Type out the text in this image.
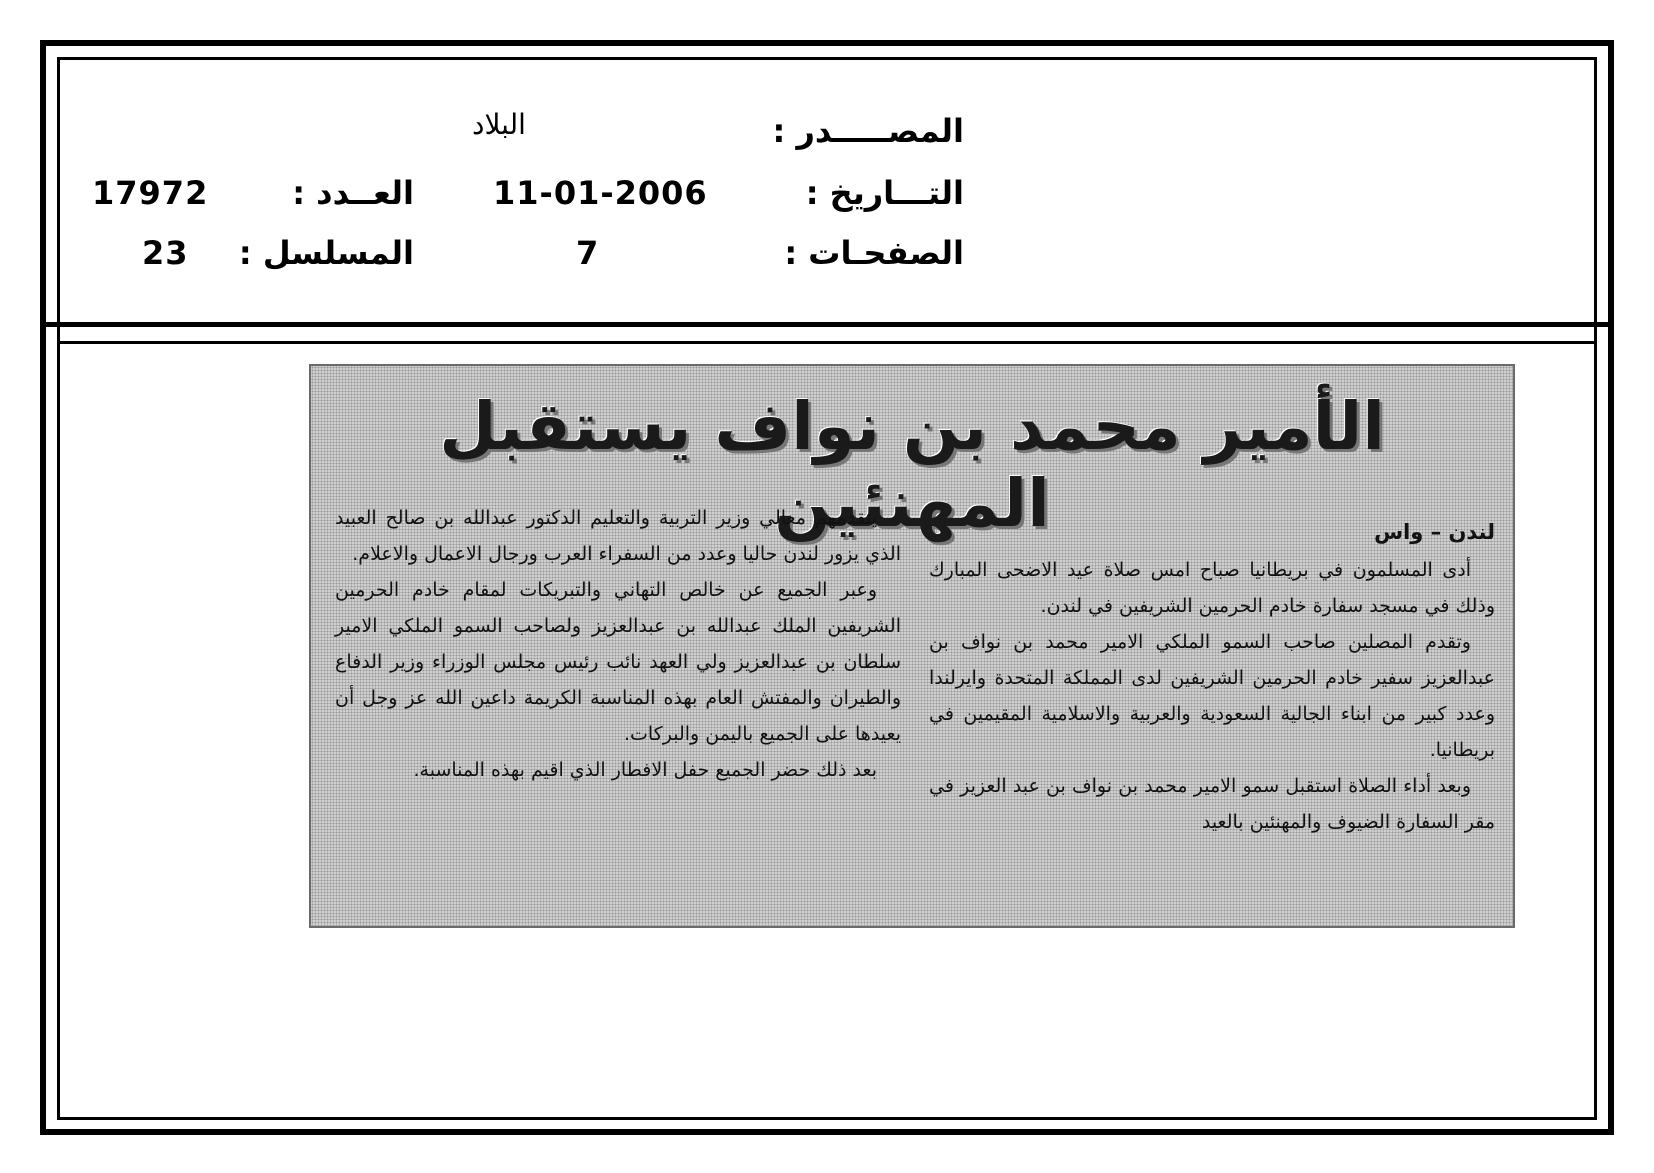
المصـــــدر :
البلاد
التـــاريخ :
11-01-2006
العــدد :
17972
الصفحـات :
7
المسلسل :
23
الأمير محمد بن نواف يستقبل المهنئين	لندن – واس

أدى المسلمون في بريطانيا صباح امس صلاة عيد الاضحى المبارك وذلك في مسجد سفارة خادم الحرمين الشريفين في لندن.

وتقدم المصلين صاحب السمو الملكي الامير محمد بن نواف بن عبدالعزيز سفير خادم الحرمين الشريفين لدى المملكة المتحدة وايرلندا وعدد كبير من ابناء الجالية السعودية والعربية والاسلامية المقيمين في بريطانيا.

وبعد أداء الصلاة استقبل سمو الامير محمد بن نواف بن عبد العزيز في مقر السفارة الضيوف والمهنئين بالعيد

يتقدمهم معالي وزير التربية والتعليم الدكتور عبدالله بن صالح العبيد الذي يزور لندن حاليا وعدد من السفراء العرب ورجال الاعمال والاعلام.

وعبر الجميع عن خالص التهاني والتبريكات لمقام خادم الحرمين الشريفين الملك عبدالله بن عبدالعزيز ولصاحب السمو الملكي الامير سلطان بن عبدالعزيز ولي العهد نائب رئيس مجلس الوزراء وزير الدفاع والطيران والمفتش العام بهذه المناسبة الكريمة داعين الله عز وجل أن يعيدها على الجميع باليمن والبركات.

بعد ذلك حضر الجميع حفل الافطار الذي اقيم بهذه المناسبة.
